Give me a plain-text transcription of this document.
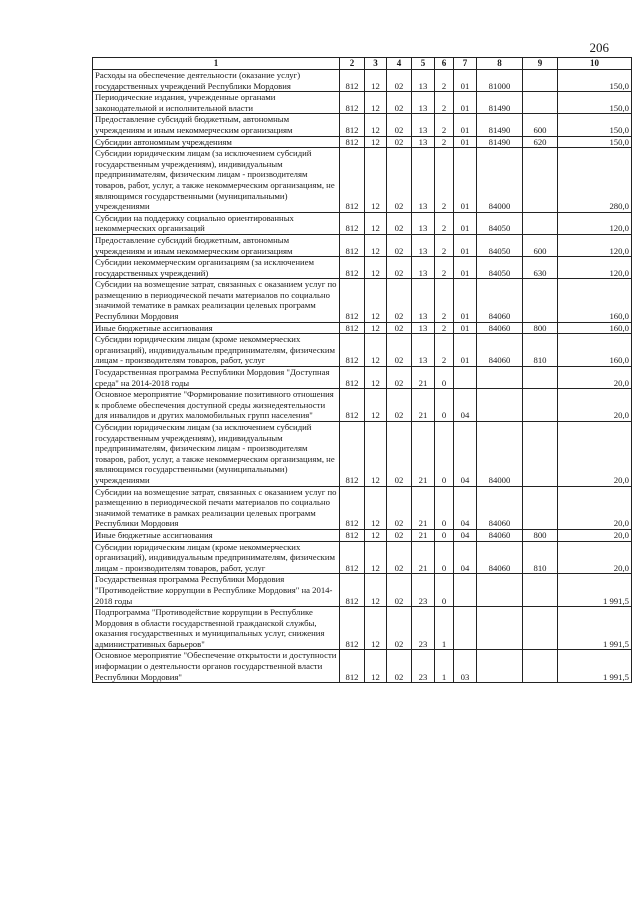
206
1	2	3	4	5	6	7	8	9	10
Расходы на обеспечение деятельности (оказание услуг) государственных учреждений Республики Мордовия	812	12	02	13	2	01	81000		150,0
Периодические издания, учрежденные органами законодательной и исполнительной власти	812	12	02	13	2	01	81490		150,0
Предоставление субсидий бюджетным, автономным учреждениям и иным некоммерческим организациям	812	12	02	13	2	01	81490	600	150,0
Субсидии автономным учреждениям	812	12	02	13	2	01	81490	620	150,0
Субсидии юридическим лицам (за исключением субсидий государственным учреждениям), индивидуальным предпринимателям, физическим лицам - производителям товаров, работ, услуг, а также некоммерческим организациям, не являющимся государственными (муниципальными) учреждениями	812	12	02	13	2	01	84000		280,0
Субсидии на поддержку социально ориентированных некоммерческих организаций	812	12	02	13	2	01	84050		120,0
Предоставление субсидий бюджетным, автономным учреждениям и иным некоммерческим организациям	812	12	02	13	2	01	84050	600	120,0
Субсидии некоммерческим организациям (за исключением государственных учреждений)	812	12	02	13	2	01	84050	630	120,0
Субсидии на возмещение затрат, связанных с оказанием услуг по размещению в периодической печати материалов по социально значимой тематике в рамках реализации целевых программ Республики Мордовия	812	12	02	13	2	01	84060		160,0
Иные бюджетные ассигнования	812	12	02	13	2	01	84060	800	160,0
Субсидии юридическим лицам (кроме некоммерческих организаций), индивидуальным предпринимателям, физическим лицам - производителям товаров, работ, услуг	812	12	02	13	2	01	84060	810	160,0
Государственная программа Республики Мордовия "Доступная среда" на 2014-2018 годы	812	12	02	21	0				20,0
Основное мероприятие "Формирование позитивного отношения к проблеме обеспечения доступной среды жизнедеятельности для инвалидов и других маломобильных групп населения"	812	12	02	21	0	04			20,0
Субсидии юридическим лицам (за исключением субсидий государственным учреждениям), индивидуальным предпринимателям, физическим лицам - производителям товаров, работ, услуг, а также некоммерческим организациям, не являющимся государственными (муниципальными) учреждениями	812	12	02	21	0	04	84000		20,0
Субсидии на возмещение затрат, связанных с оказанием услуг по размещению в периодической печати материалов по социально значимой тематике в рамках реализации целевых программ Республики Мордовия	812	12	02	21	0	04	84060		20,0
Иные бюджетные ассигнования	812	12	02	21	0	04	84060	800	20,0
Субсидии юридическим лицам (кроме некоммерческих организаций), индивидуальным предпринимателям, физическим лицам - производителям товаров, работ, услуг	812	12	02	21	0	04	84060	810	20,0
Государственная программа Республики Мордовия "Противодействие коррупции в Республике Мордовия" на 2014-2018 годы	812	12	02	23	0				1 991,5
Подпрограмма "Противодействие коррупции в Республике Мордовия в области государственной гражданской службы, оказания государственных и муниципальных услуг, снижения административных барьеров"	812	12	02	23	1				1 991,5
Основное мероприятие "Обеспечение открытости и доступности информации о деятельности органов государственной власти Республики Мордовия"	812	12	02	23	1	03			1 991,5
